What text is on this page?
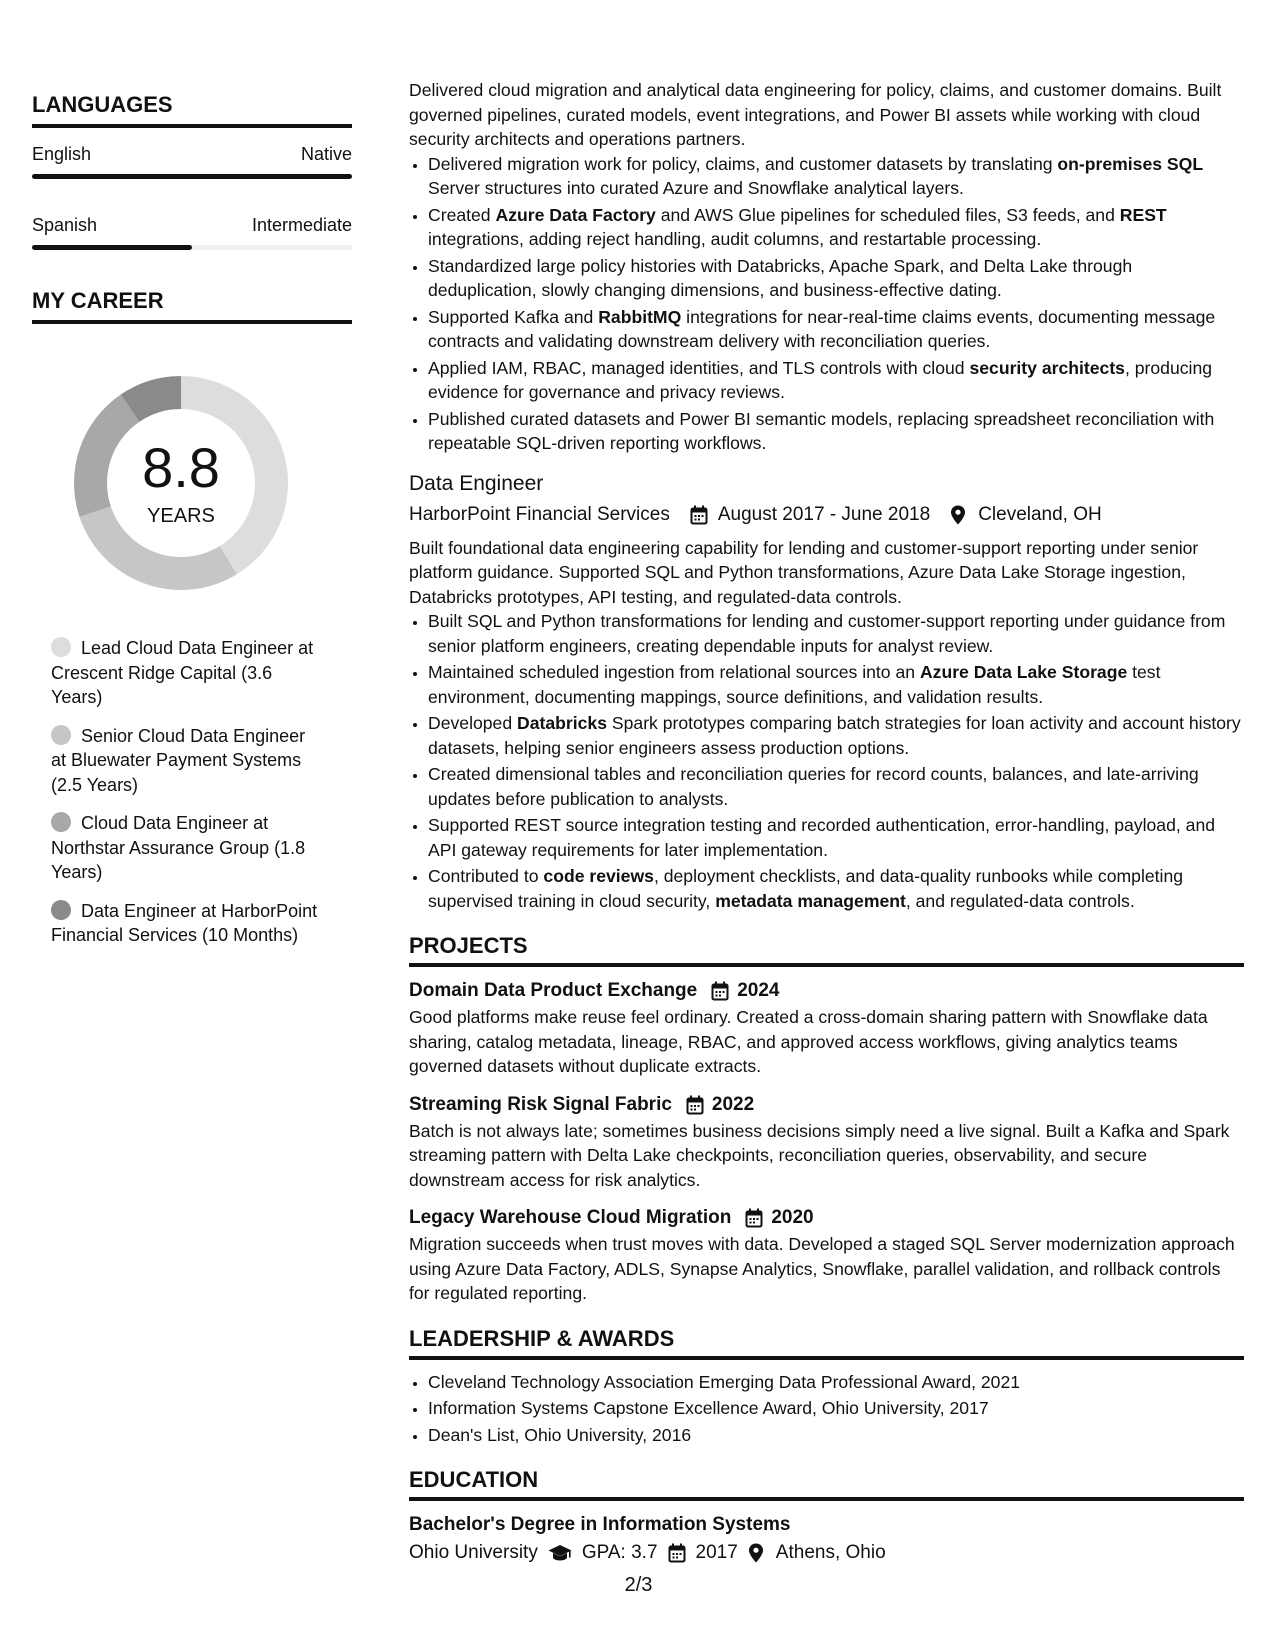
LANGUAGES
English	Native
Spanish	Intermediate
MY CAREER
8.8
YEARS
Lead Cloud Data Engineer at Crescent Ridge Capital (3.6 Years)
Senior Cloud Data Engineer at Bluewater Payment Systems (2.5 Years)
Cloud Data Engineer at Northstar Assurance Group (1.8 Years)
Data Engineer at HarborPoint Financial Services (10 Months)

Delivered cloud migration and analytical data engineering for policy, claims, and customer domains. Built governed pipelines, curated models, event integrations, and Power BI assets while working with cloud security architects and operations partners.

• Delivered migration work for policy, claims, and customer datasets by translating on-premises SQL Server structures into curated Azure and Snowflake analytical layers.
• Created Azure Data Factory and AWS Glue pipelines for scheduled files, S3 feeds, and REST integrations, adding reject handling, audit columns, and restartable processing.
• Standardized large policy histories with Databricks, Apache Spark, and Delta Lake through deduplication, slowly changing dimensions, and business-effective dating.
• Supported Kafka and RabbitMQ integrations for near-real-time claims events, documenting message contracts and validating downstream delivery with reconciliation queries.
• Applied IAM, RBAC, managed identities, and TLS controls with cloud security architects, producing evidence for governance and privacy reviews.
• Published curated datasets and Power BI semantic models, replacing spreadsheet reconciliation with repeatable SQL-driven reporting workflows.
Data Engineer
HarborPoint Financial Services	August 2017 - June 2018	Cleveland, OH

Built foundational data engineering capability for lending and customer-support reporting under senior platform guidance. Supported SQL and Python transformations, Azure Data Lake Storage ingestion, Databricks prototypes, API testing, and regulated-data controls.

• Built SQL and Python transformations for lending and customer-support reporting under guidance from senior platform engineers, creating dependable inputs for analyst review.
• Maintained scheduled ingestion from relational sources into an Azure Data Lake Storage test environment, documenting mappings, source definitions, and validation results.
• Developed Databricks Spark prototypes comparing batch strategies for loan activity and account history datasets, helping senior engineers assess production options.
• Created dimensional tables and reconciliation queries for record counts, balances, and late-arriving updates before publication to analysts.
• Supported REST source integration testing and recorded authentication, error-handling, payload, and API gateway requirements for later implementation.
• Contributed to code reviews, deployment checklists, and data-quality runbooks while completing supervised training in cloud security, metadata management, and regulated-data controls.
PROJECTS
Domain Data Product Exchange 2024

Good platforms make reuse feel ordinary. Created a cross-domain sharing pattern with Snowflake data sharing, catalog metadata, lineage, RBAC, and approved access workflows, giving analytics teams governed datasets without duplicate extracts.

Streaming Risk Signal Fabric 2022

Batch is not always late; sometimes business decisions simply need a live signal. Built a Kafka and Spark streaming pattern with Delta Lake checkpoints, reconciliation queries, observability, and secure downstream access for risk analytics.

Legacy Warehouse Cloud Migration 2020

Migration succeeds when trust moves with data. Developed a staged SQL Server modernization approach using Azure Data Factory, ADLS, Synapse Analytics, Snowflake, parallel validation, and rollback controls for regulated reporting.

LEADERSHIP & AWARDS
• Cleveland Technology Association Emerging Data Professional Award, 2021
• Information Systems Capstone Excellence Award, Ohio University, 2017
• Dean's List, Ohio University, 2016
EDUCATION
Bachelor's Degree in Information Systems
Ohio University GPA: 3.7 2017 Athens, Ohio
2/3
